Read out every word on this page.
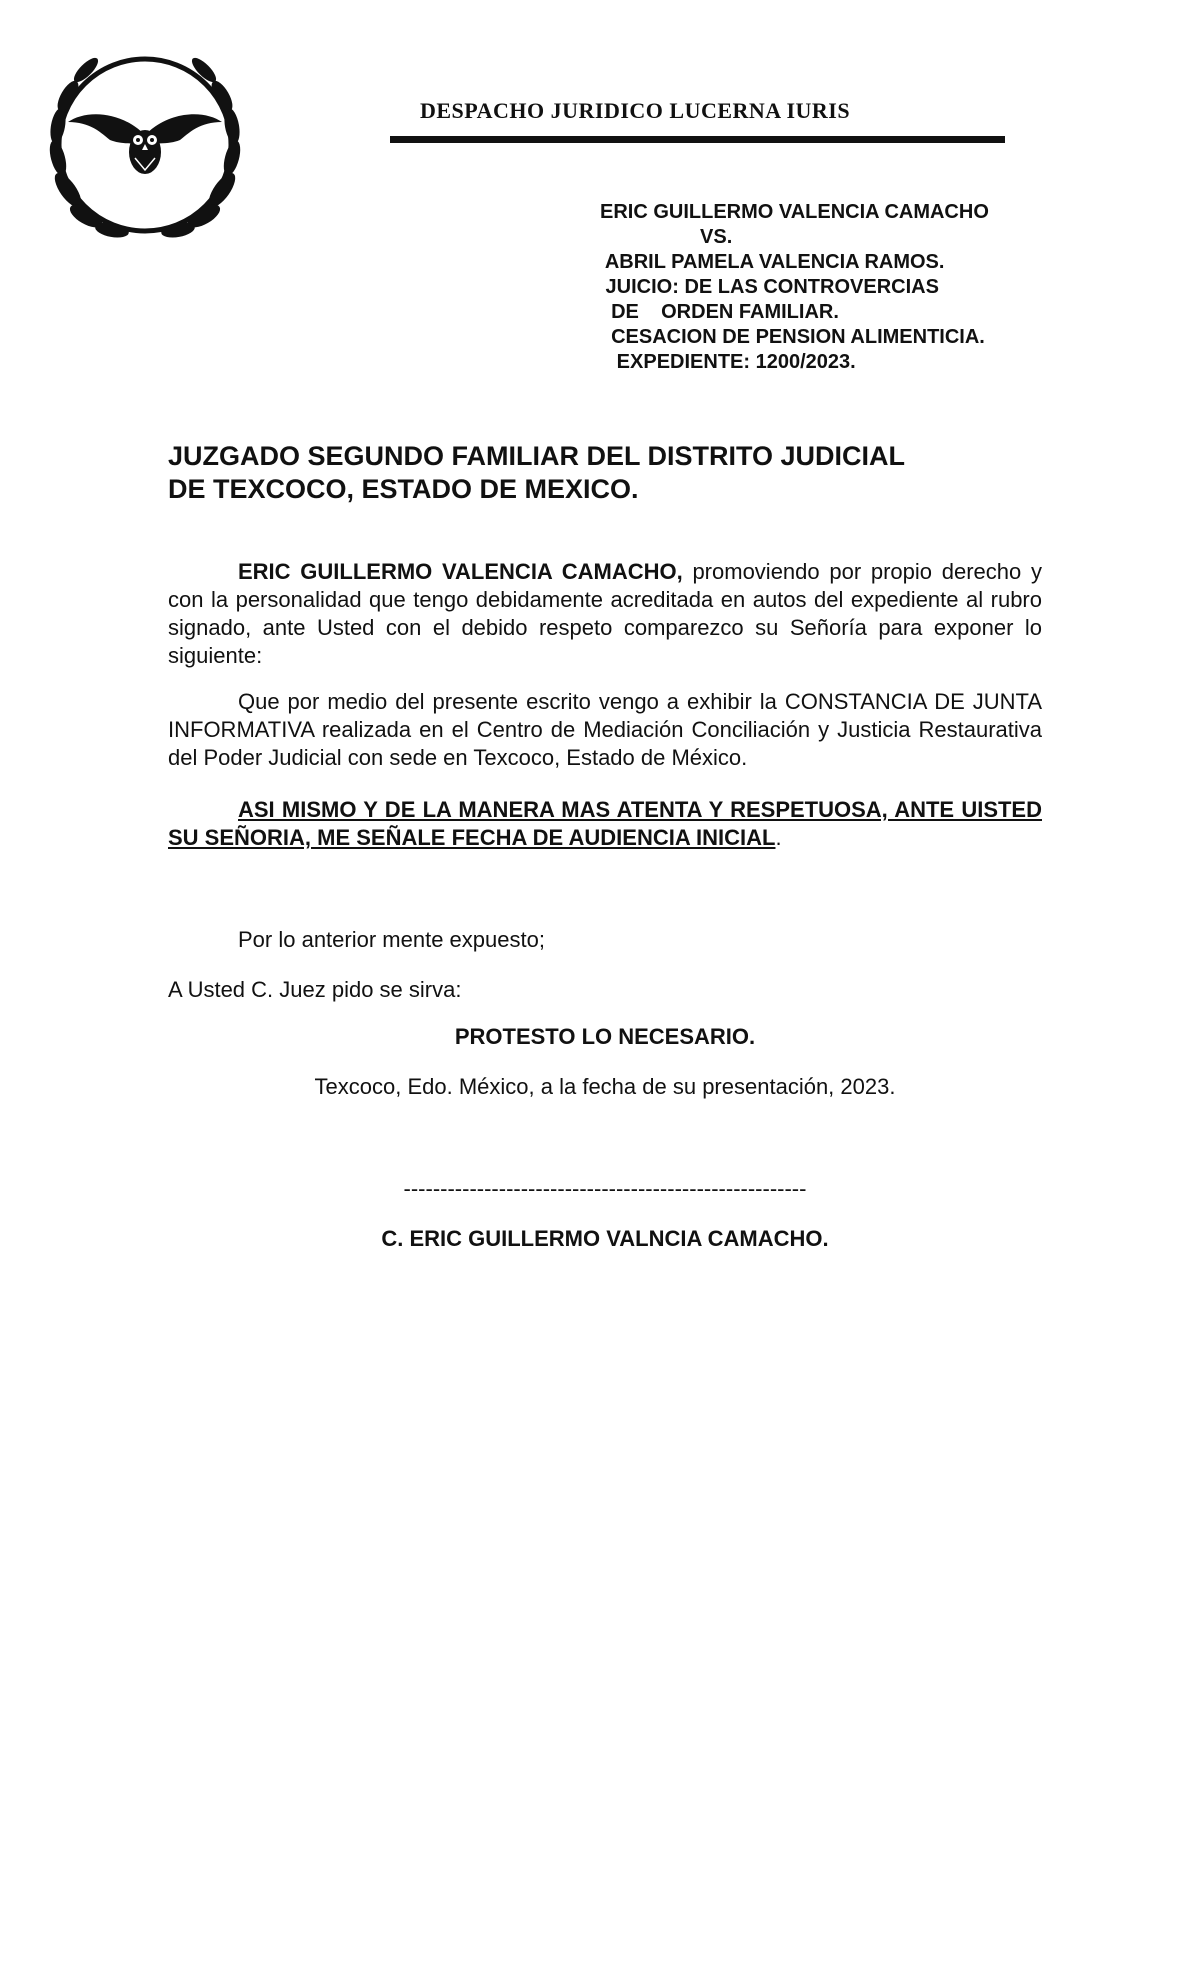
DESPACHO JURIDICO LUCERNA IURIS
ERIC GUILLERMO VALENCIA CAMACHO
VS.
ABRIL PAMELA VALENCIA RAMOS.
JUICIO: DE LAS CONTROVERCIAS
DE    ORDEN FAMILIAR.
CESACION DE PENSION ALIMENTICIA.
EXPEDIENTE: 1200/2023.
JUZGADO SEGUNDO FAMILIAR DEL DISTRITO JUDICIAL
DE TEXCOCO, ESTADO DE MEXICO.
ERIC GUILLERMO VALENCIA CAMACHO, promoviendo por propio derecho y con la personalidad que tengo debidamente acreditada en autos del expediente al rubro signado, ante Usted con el debido respeto comparezco su Señoría para exponer lo siguiente:
Que por medio del presente escrito vengo a exhibir la CONSTANCIA DE JUNTA INFORMATIVA realizada en el Centro de Mediación Conciliación y Justicia Restaurativa del Poder Judicial con sede en Texcoco, Estado de México.
ASI MISMO Y DE LA MANERA MAS ATENTA Y RESPETUOSA, ANTE UISTED SU SEÑORIA, ME SEÑALE FECHA DE AUDIENCIA INICIAL.
Por lo anterior mente expuesto;
A Usted C. Juez pido se sirva:
PROTESTO LO NECESARIO.
Texcoco, Edo. México, a la fecha de su presentación, 2023.
-------------------------------------------------------
C. ERIC GUILLERMO VALNCIA CAMACHO.
